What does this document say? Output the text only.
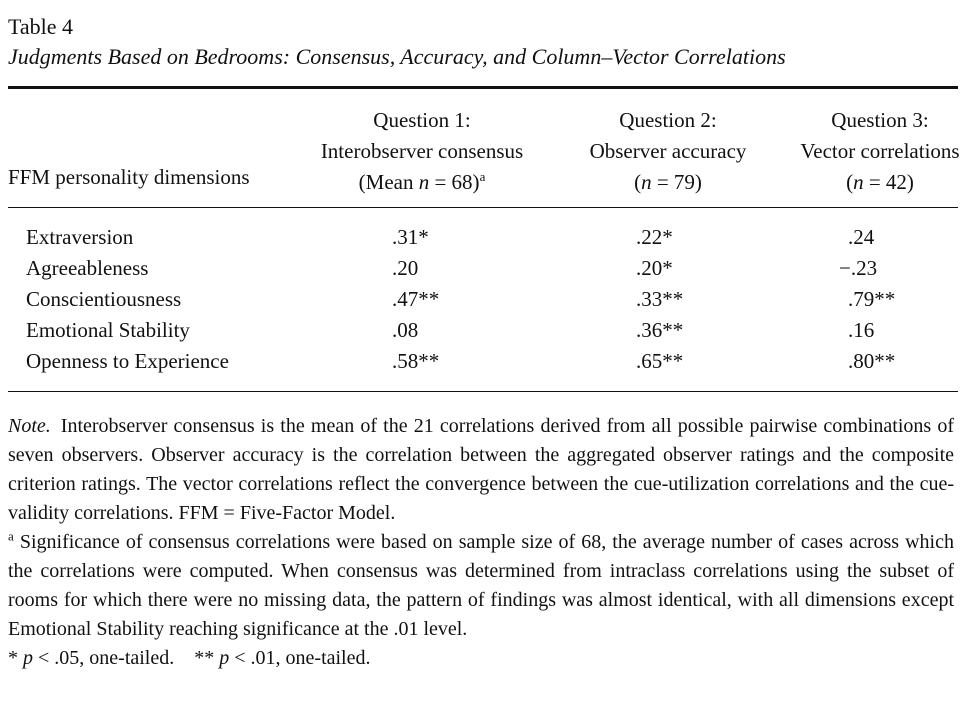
Table 4
Judgments Based on Bedrooms: Consensus, Accuracy, and Column–Vector Correlations
FFM personality dimensions
Question 1:
Interobserver consensus
(Mean n = 68)$^a$
Question 2:
Observer accuracy
(n = 79)
Question 3:
Vector correlations
(n = 42)
Extraversion	.31*	.22*	.24
Agreeableness	.20	.20*	−.23
Conscientiousness	.47**	.33**	.79**
Emotional Stability	.08	.36**	.16
Openness to Experience	.58**	.65**	.80**

Note. Interobserver consensus is the mean of the 21 correlations derived from all possible pairwise combinations of seven observers. Observer accuracy is the correlation between the aggregated observer ratings and the composite criterion ratings. The vector correlations reflect the convergence between the cue-utilization correlations and the cue-validity correlations. FFM = Five-Factor Model.

$^a$ Significance of consensus correlations were based on sample size of 68, the average number of cases across which the correlations were computed. When consensus was determined from intraclass correlations using the subset of rooms for which there were no missing data, the pattern of findings was almost identical, with all dimensions except Emotional Stability reaching significance at the .01 level.

* p < .05, one-tailed. ** p < .01, one-tailed.
